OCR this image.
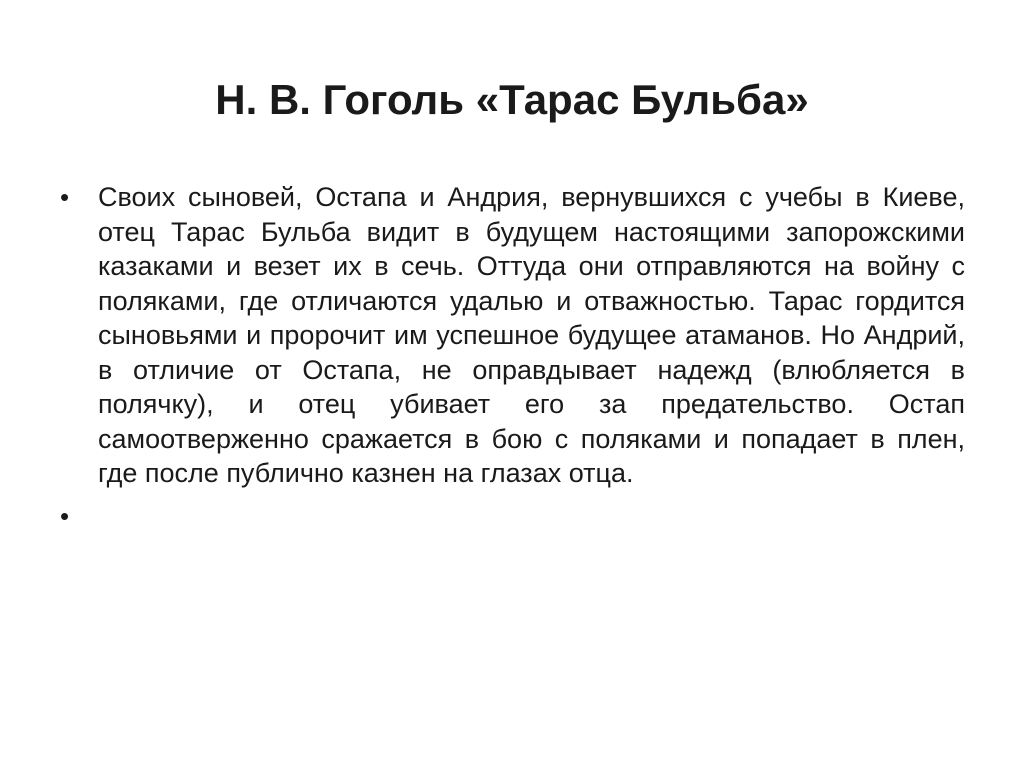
Н. В. Гоголь «Тарас Бульба»
• Своих сыновей, Остапа и Андрия, вернувшихся с учебы в Киеве, отец Тарас Бульба видит в будущем настоящими запорожскими казаками и везет их в сечь. Оттуда они отправляются на войну с поляками, где отличаются удалью и отважностью. Тарас гордится сыновьями и пророчит им успешное будущее атаманов. Но Андрий, в отличие от Остапа, не оправдывает надежд (влюбляется в полячку), и отец убивает его за предательство. Остап самоотверженно сражается в бою с поляками и попадает в плен, где после публично казнен на глазах отца.
•
